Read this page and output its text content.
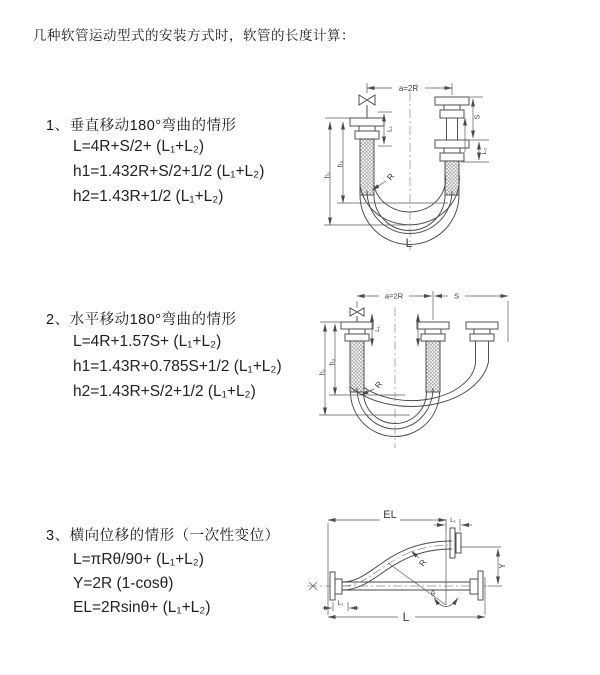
几种软管运动型式的安装方式时，软管的长度计算：
1、垂直移动180°弯曲的情形
L=4R+S/2+ (L₁+L₂)
h1=1.432R+S/2+1/2 (L₁+L₂)
h2=1.43R+1/2 (L₁+L₂)
2、水平移动180°弯曲的情形
L=4R+1.57S+ (L₁+L₂)
h1=1.43R+0.785S+1/2 (L₁+L₂)
h2=1.43R+S/2+1/2 (L₁+L₂)
3、横向位移的情形（一次性变位）
L=πRθ/90+ (L₁+L₂)
Y=2R (1-cosθ)
EL=2Rsinθ+ (L₁+L₂)
a=2R
h₁
h₂
L₁
S
L₂
R
L
a=2R	S
L₁
h₁
h₂
R
EL	L₁
Y
θ
R
L₁
L
